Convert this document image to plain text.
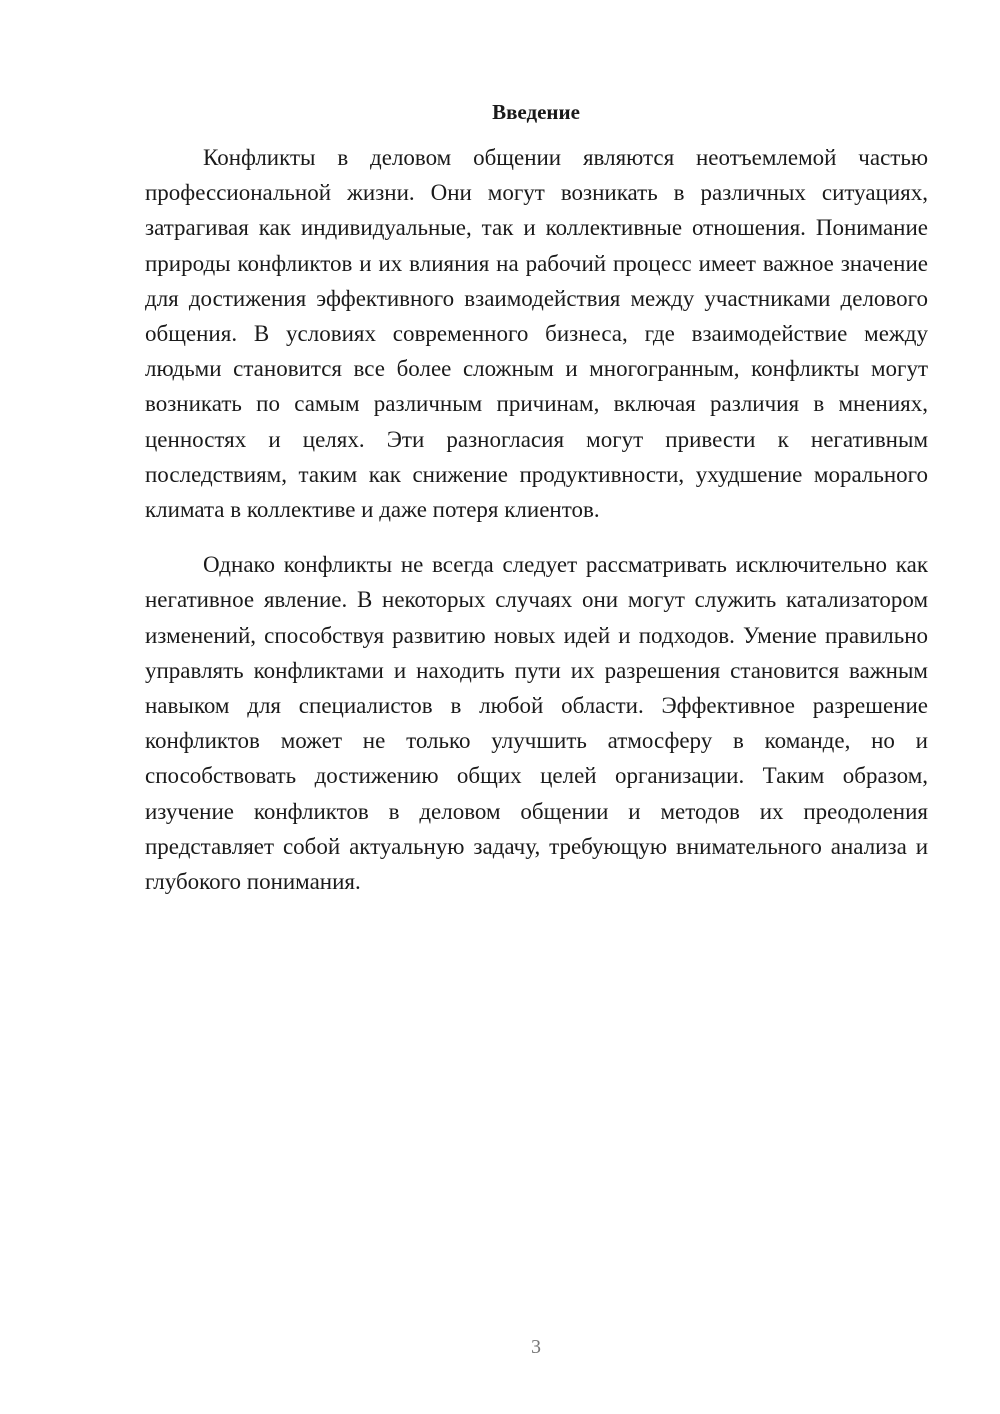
Введение

Конфликты в деловом общении являются неотъемлемой частью профессиональной жизни. Они могут возникать в различных ситуациях, затрагивая как индивидуальные, так и коллективные отношения. Понимание природы конфликтов и их влияния на рабочий процесс имеет важное значение для достижения эффективного взаимодействия между участниками делового общения. В условиях современного бизнеса, где взаимодействие между людьми становится все более сложным и многогранным, конфликты могут возникать по самым различным причинам, включая различия в мнениях, ценностях и целях. Эти разногласия могут привести к негативным последствиям, таким как снижение продуктивности, ухудшение морального климата в коллективе и даже потеря клиентов.

Однако конфликты не всегда следует рассматривать исключительно как негативное явление. В некоторых случаях они могут служить катализатором изменений, способствуя развитию новых идей и подходов. Умение правильно управлять конфликтами и находить пути их разрешения становится важным навыком для специалистов в любой области. Эффективное разрешение конфликтов может не только улучшить атмосферу в команде, но и способствовать достижению общих целей организации. Таким образом, изучение конфликтов в деловом общении и методов их преодоления представляет собой актуальную задачу, требующую внимательного анализа и глубокого понимания.

3
